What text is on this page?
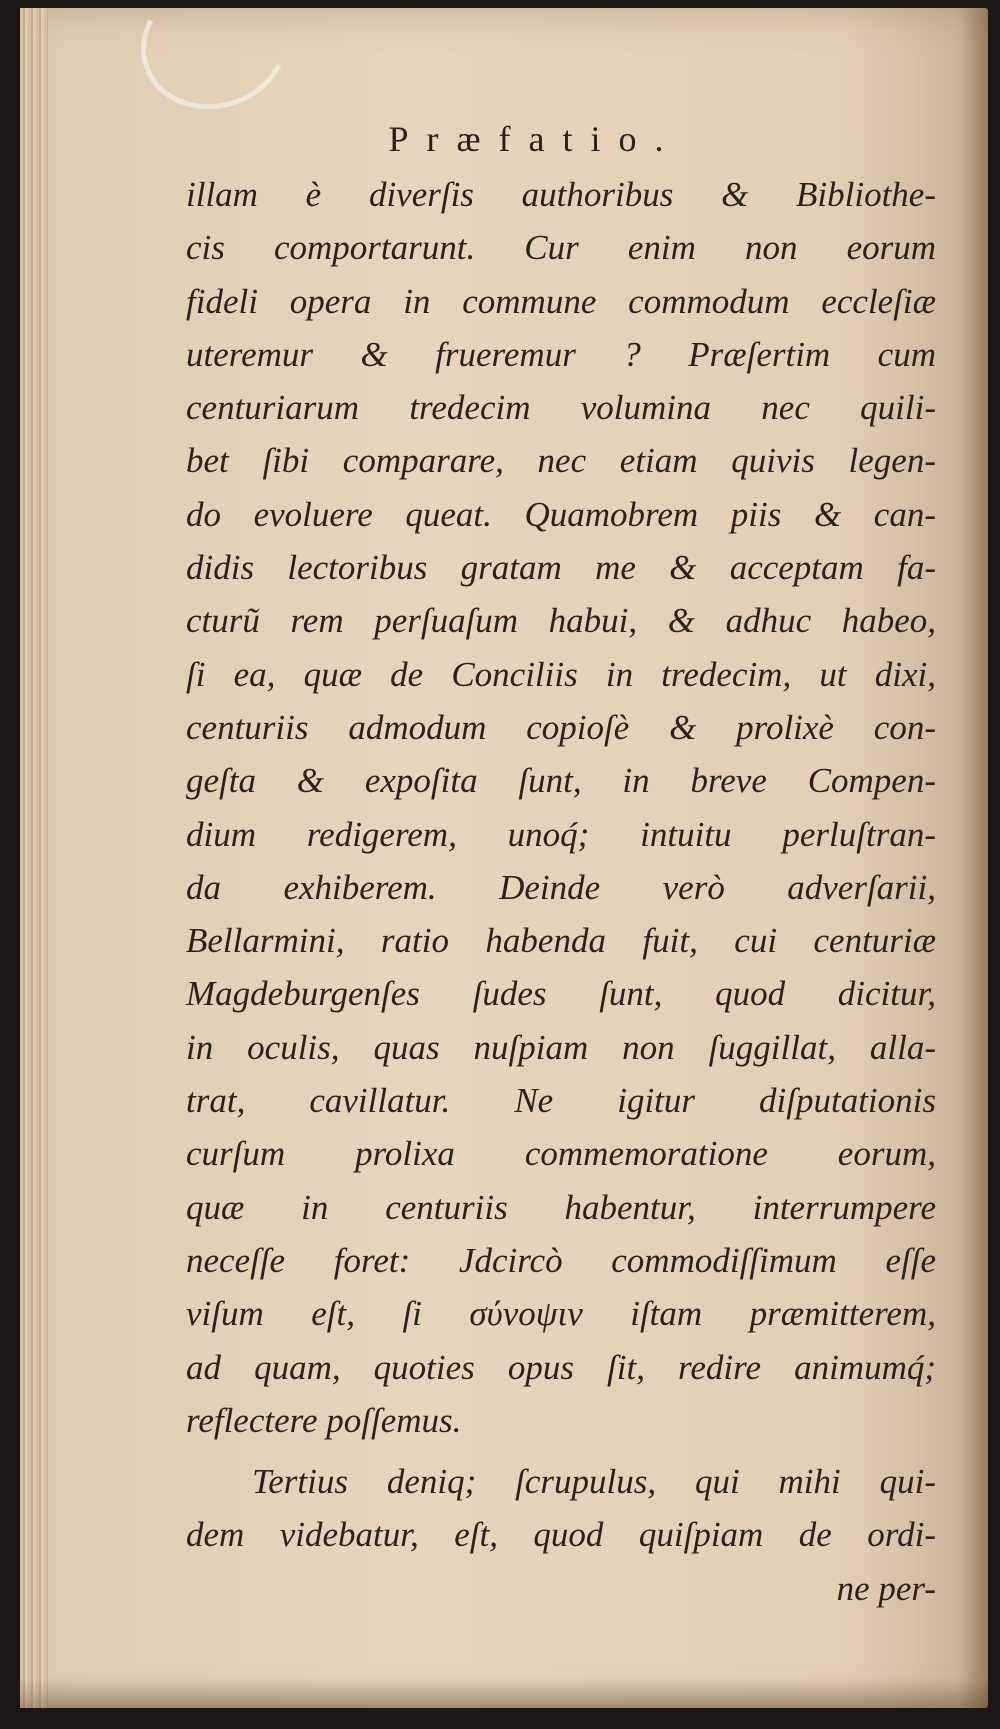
Præfatio.
illam è diverſis authoribus & Bibliothe-
cis comportarunt. Cur enim non eorum
fideli opera in commune commodum eccleſiæ
uteremur & frueremur ? Præſertim cum
centuriarum tredecim volumina nec quili-
bet ſibi comparare, nec etiam quivis legen-
do evoluere queat. Quamobrem piis & can-
didis lectoribus gratam me & acceptam fa-
cturũ rem perſuaſum habui, & adhuc habeo,
ſi ea, quæ de Conciliis in tredecim, ut dixi,
centuriis admodum copioſè & prolixè con-
geſta & expoſita ſunt, in breve Compen-
dium redigerem, unoq́; intuitu perluſtran-
da exhiberem. Deinde verò adverſarii,
Bellarmini, ratio habenda fuit, cui centuriæ
Magdeburgenſes ſudes ſunt, quod dicitur,
in oculis, quas nuſpiam non ſuggillat, alla-
trat, cavillatur. Ne igitur diſputationis
curſum prolixa commemoratione eorum,
quæ in centuriis habentur, interrumpere
neceſſe foret: Jdcircò commodiſſimum eſſe
viſum eſt, ſi σύνοψιν iſtam præmitterem,
ad quam, quoties opus ſit, redire animumq́;
reflectere poſſemus.
Tertius deniq; ſcrupulus, qui mihi qui-
dem videbatur, eſt, quod quiſpiam de ordi-
ne per-
